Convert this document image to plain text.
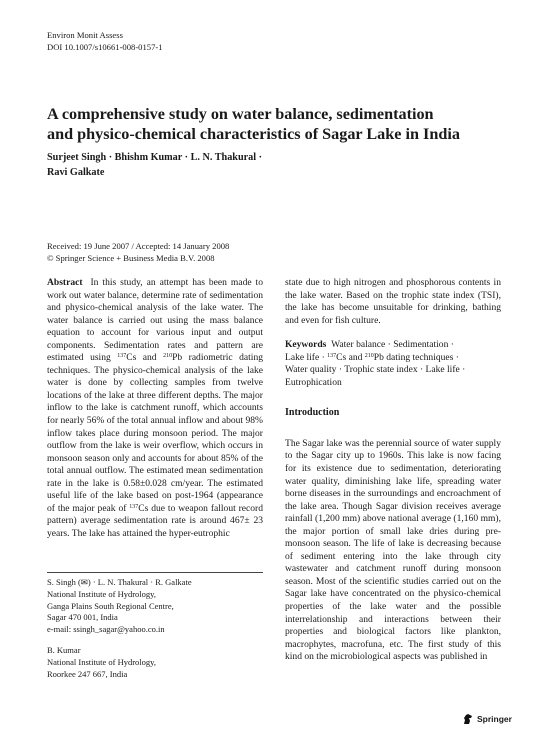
Environ Monit Assess
DOI 10.1007/s10661-008-0157-1
A comprehensive study on water balance, sedimentation
and physico-chemical characteristics of Sagar Lake in India
Surjeet Singh · Bhishm Kumar · L. N. Thakural ·
Ravi Galkate
Received: 19 June 2007 / Accepted: 14 January 2008
© Springer Science + Business Media B.V. 2008

Abstract In this study, an attempt has been made to work out water balance, determine rate of sedimentation and physico-chemical analysis of the lake water. The water balance is carried out using the mass balance equation to account for various input and output components. Sedimentation rates and pattern are estimated using $^{137}$Cs and $^{210}$Pb radiometric dating techniques. The physico-chemical analysis of the lake water is done by collecting samples from twelve locations of the lake at three different depths. The major inflow to the lake is catchment runoff, which accounts for nearly 56% of the total annual inflow and about 98% inflow takes place during monsoon period. The major outflow from the lake is weir overflow, which occurs in monsoon season only and accounts for about 85% of the total annual outflow. The estimated mean sedimentation rate in the lake is 0.58±0.028 cm/year. The estimated useful life of the lake based on post-1964 (appearance of the major peak of $^{137}$Cs due to weapon fallout record pattern) average sedimentation rate is around 467± 23 years. The lake has attained the hyper-eutrophic

S. Singh (✉) · L. N. Thakural · R. Galkate

National Institute of Hydrology,

Ganga Plains South Regional Centre,

Sagar 470 001, India

e-mail: ssingh_sagar@yahoo.co.in

B. Kumar

National Institute of Hydrology,

Roorkee 247 667, India

state due to high nitrogen and phosphorous contents in the lake water. Based on the trophic state index (TSI), the lake has become unsuitable for drinking, bathing and even for fish culture.

Keywords Water balance · Sedimentation ·
Lake life · $^{137}$Cs and $^{210}$Pb dating techniques ·
Water quality · Trophic state index · Lake life ·
Eutrophication

Introduction

The Sagar lake was the perennial source of water supply to the Sagar city up to 1960s. This lake is now facing for its existence due to sedimentation, deteriorating water quality, diminishing lake life, spreading water borne diseases in the surroundings and encroachment of the lake area. Though Sagar division receives average rainfall (1,200 mm) above national average (1,160 mm), the major portion of small lake dries during pre-monsoon season. The life of lake is decreasing because of sediment entering into the lake through city wastewater and catchment runoff during monsoon season. Most of the scientific studies carried out on the Sagar lake have concentrated on the physico-chemical properties of the lake water and the possible interrelationship and interactions between their properties and biological factors like plankton, macrophytes, macrofuna, etc. The first study of this kind on the microbiological aspects was published in

Springer
